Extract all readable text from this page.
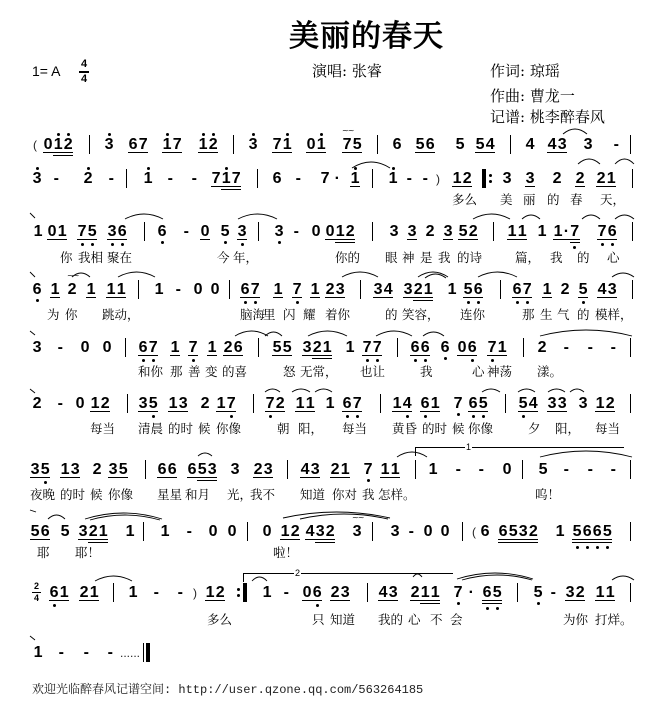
美丽的春天
1= A 4
4	演唱: 张睿	作词: 琼瑶
作曲: 曹龙一
记谱: 桃李醉春风
( 0 1 2 3 6 7 1 7 1 2 3 7 1 0 1 ~~ 7 5 6 5 6 5 5 4 4 4 3 3 -
3 - 2 - 1 - - 7 1 7 6 - 7 · 1 1 - - ) 1 2 3 3 2 2 2 1
多么 美 丽 的 春 天，
1 0 1 7 5 3 6 6 - 0 5 3 3 - 0 0 1 2 3 3 2 3 5 2 1 1 1 1 · 7 7 6
你 我相 聚在	今 年，	你的 眼 神 是 我 的诗	篇， 我 的 心
6 1 ~~ 2 1 1 1 1 - 0 0 6 7 1 7 1 2 3 3 4 3 2 1 1 5 6 6 7 1 2 5 4 3
为 你 跳动，	脑海
里 闪 耀 着你	的 笑容， 连你	那 生 气 的 模样，
3 - 0 0 6 7 1 7 1 2 6 5 5 3 2 1 1 7 7 6 6 6 0 6 7 1 2 - - -
和你 那 善 变 的喜	怒 无常， 也让	我	心 神荡 漾。
2 - 0 1 2 3 5 1 3 2 1 7 7 2 1 1 1 6 7 1 4 6 1 7 6 5 5 4 3 3 3 1 2
每当 清晨 的时 候 你像	朝 阳， 每当 黄昏 的时 候 你像	夕 阳， 每当
3 5 1 3 2 3 5 6 6 6 5 3 3 2 3 4 3 2 1 7 1 1 1 - - 0 5 - - -
夜晚 的时 候 你像 星星 和月 光，
我不 知道 你对 我 怎样。	呜！
5 6 5 3 2 1 1 1 - 0 0 0 1 2 4 3 2 ~~ 3 3 - 0 0 ( 6 6 5 3 2 1 5 6 6 5
耶 耶！	啦！
2
4 6 1 2 1 1 - - ) 1 2 1 - 0 6 2 3 4 3 2 1 1 7 · 6 5 5 - 3 2 1 1
多么	只 知道 我的 心 不 会	为你 打烊。
1 - - - ......
1
2
欢迎光临醉春风记谱空间: http://user.qzone.qq.com/563264185
